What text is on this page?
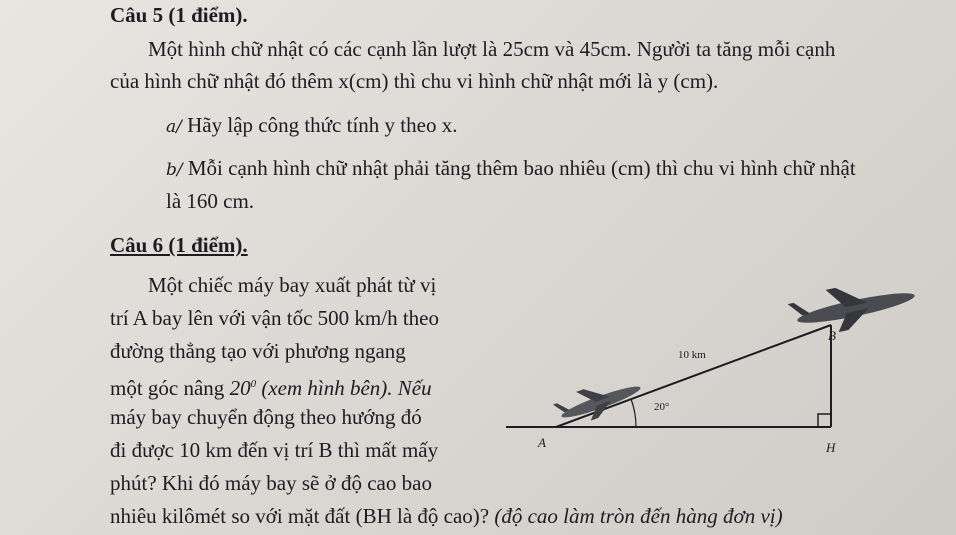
Câu 5 (1 điểm).
Một hình chữ nhật có các cạnh lần lượt là 25cm và 45cm. Người ta tăng mỗi cạnh
của hình chữ nhật đó thêm x(cm) thì chu vi hình chữ nhật mới là y (cm).
a/ Hãy lập công thức tính y theo x.
b/ Mỗi cạnh hình chữ nhật phải tăng thêm bao nhiêu (cm) thì chu vi hình chữ nhật
là 160 cm.
Câu 6 (1 điểm).
Một chiếc máy bay xuất phát từ vị
trí A bay lên với vận tốc 500 km/h theo
đường thẳng tạo với phương ngang
một góc nâng $20^0$ (xem hình bên). Nếu
máy bay chuyển động theo hướng đó
đi được 10 km đến vị trí B thì mất mấy
phút? Khi đó máy bay sẽ ở độ cao bao
nhiêu kilômét so với mặt đất (BH là độ cao)? (độ cao làm tròn đến hàng đơn vị)
A
B
H
10 km
20°
